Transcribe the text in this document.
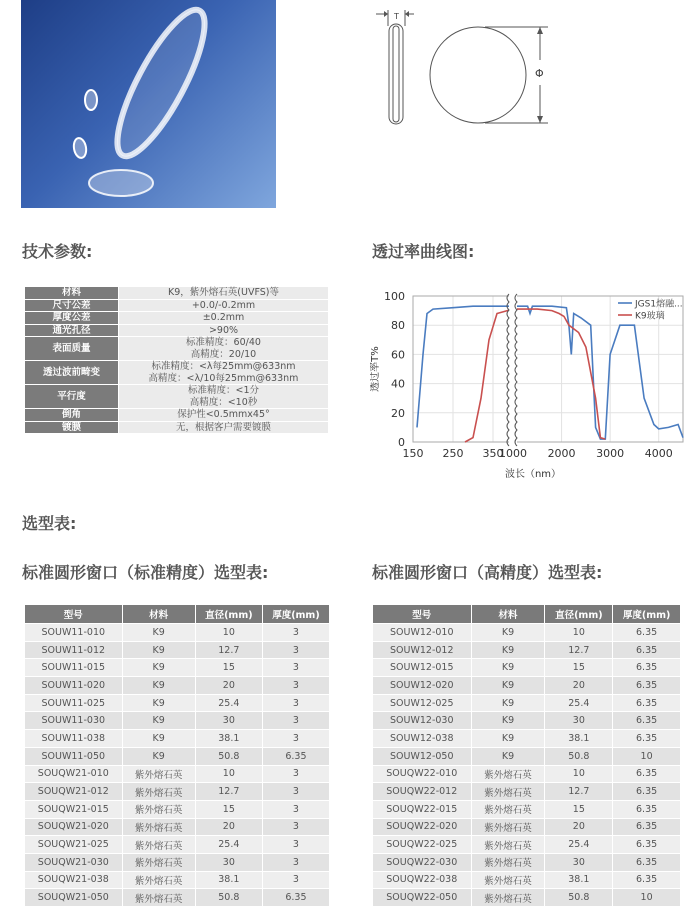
T
Φ
技术参数:	透过率曲线图:
选型表:
标准圆形窗口（标准精度）选型表:	标准圆形窗口（高精度）选型表:
材料	K9，紫外熔石英(UVFS)等

尺寸公差	+0.0/-0.2mm

厚度公差	±0.2mm

通光孔径	>90%

表面质量	标准精度：60/40
高精度：20/10

透过波前畸变	标准精度：<λ每25mm@633nm
高精度：<λ/10每25mm@633nm

平行度	标准精度：<1分
高精度：<10秒

倒角	保护性<0.5mmx45°

镀膜	无，根据客户需要镀膜
0
20
40
60
80
100
150 250 350
1000 2000 3000 4000
JGS1熔融...
K9玻璃
透过率T%
波长（nm）
型号	材料	直径(mm)	厚度(mm)
SOUW11-010	K9	10	3
SOUW11-012	K9	12.7	3
SOUW11-015	K9	15	3
SOUW11-020	K9	20	3
SOUW11-025	K9	25.4	3
SOUW11-030	K9	30	3
SOUW11-038	K9	38.1	3
SOUW11-050	K9	50.8	6.35
SOUQW21-010	紫外熔石英	10	3
SOUQW21-012	紫外熔石英	12.7	3
SOUQW21-015	紫外熔石英	15	3
SOUQW21-020	紫外熔石英	20	3
SOUQW21-025	紫外熔石英	25.4	3
SOUQW21-030	紫外熔石英	30	3
SOUQW21-038	紫外熔石英	38.1	3
SOUQW21-050	紫外熔石英	50.8	6.35
型号	材料	直径(mm)	厚度(mm)
SOUW12-010	K9	10	6.35
SOUW12-012	K9	12.7	6.35
SOUW12-015	K9	15	6.35
SOUW12-020	K9	20	6.35
SOUW12-025	K9	25.4	6.35
SOUW12-030	K9	30	6.35
SOUW12-038	K9	38.1	6.35
SOUW12-050	K9	50.8	10
SOUQW22-010	紫外熔石英	10	6.35
SOUQW22-012	紫外熔石英	12.7	6.35
SOUQW22-015	紫外熔石英	15	6.35
SOUQW22-020	紫外熔石英	20	6.35
SOUQW22-025	紫外熔石英	25.4	6.35
SOUQW22-030	紫外熔石英	30	6.35
SOUQW22-038	紫外熔石英	38.1	6.35
SOUQW22-050	紫外熔石英	50.8	10
